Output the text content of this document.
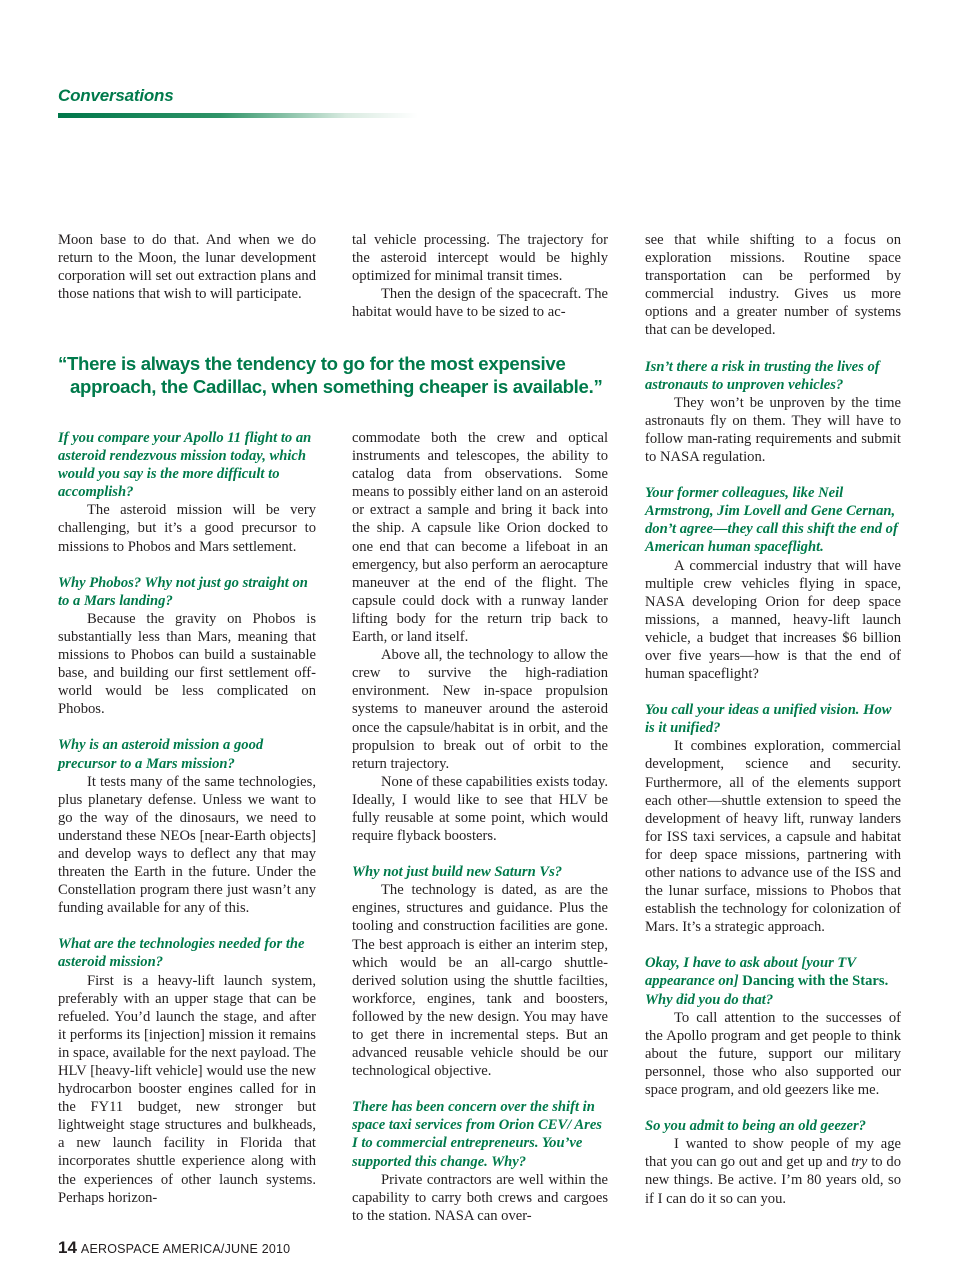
Conversations

Moon base to do that. And when we do return to the Moon, the lunar development corporation will set out extraction plans and those nations that wish to will participate.

tal vehicle processing. The trajectory for the asteroid intercept would be highly optimized for minimal transit times.

Then the design of the spacecraft. The habitat would have to be sized to ac-

“There is always the tendency to go for the most expensive
approach, the Cadillac, when something cheaper is available.”

If you compare your Apollo 11 flight to an asteroid rendezvous mission today, which would you say is the more difficult to accomplish?

The asteroid mission will be very challenging, but it’s a good precursor to missions to Phobos and Mars settlement.

Why Phobos? Why not just go straight on to a Mars landing?

Because the gravity on Phobos is substantially less than Mars, meaning that missions to Phobos can build a sustainable base, and building our first settlement off-world would be less complicated on Phobos.

Why is an asteroid mission a good precursor to a Mars mission?

It tests many of the same technologies, plus planetary defense. Unless we want to go the way of the dinosaurs, we need to understand these NEOs [near-Earth objects] and develop ways to deflect any that may threaten the Earth in the future. Under the Constellation program there just wasn’t any funding available for any of this.

What are the technologies needed for the asteroid mission?

First is a heavy-lift launch system, preferably with an upper stage that can be refueled. You’d launch the stage, and after it performs its [injection] mission it remains in space, available for the next payload. The HLV [heavy-lift vehicle] would use the new hydrocarbon booster engines called for in the FY11 budget, new stronger but lightweight stage structures and bulkheads, a new launch facility in Florida that incorporates shuttle experience along with the experiences of other launch systems. Perhaps horizon-

commodate both the crew and optical instruments and telescopes, the ability to catalog data from observations. Some means to possibly either land on an asteroid or extract a sample and bring it back into the ship. A capsule like Orion docked to one end that can become a lifeboat in an emergency, but also perform an aerocapture maneuver at the end of the flight. The capsule could dock with a runway lander lifting body for the return trip back to Earth, or land itself.

Above all, the technology to allow the crew to survive the high-radiation environment. New in-space propulsion systems to maneuver around the asteroid once the capsule/habitat is in orbit, and the propulsion to break out of orbit to the return trajectory.

None of these capabilities exists today. Ideally, I would like to see that HLV be fully reusable at some point, which would require flyback boosters.

Why not just build new Saturn Vs?

The technology is dated, as are the engines, structures and guidance. Plus the tooling and construction facilities are gone. The best approach is either an interim step, which would be an all-cargo shuttle-derived solution using the shuttle facilties, workforce, engines, tank and boosters, followed by the new design. You may have to get there in incremental steps. But an advanced reusable vehicle should be our technological objective.

There has been concern over the shift in space taxi services from Orion CEV/ Ares I to commercial entrepreneurs. You’ve supported this change. Why?

Private contractors are well within the capability to carry both crews and cargoes to the station. NASA can over-

see that while shifting to a focus on exploration missions. Routine space transportation can be performed by commercial industry. Gives us more options and a greater number of systems that can be developed.

Isn’t there a risk in trusting the lives of astronauts to unproven vehicles?

They won’t be unproven by the time astronauts fly on them. They will have to follow man-rating requirements and submit to NASA regulation.

Your former colleagues, like Neil Armstrong, Jim Lovell and Gene Cernan, don’t agree—they call this shift the end of American human spaceflight.

A commercial industry that will have multiple crew vehicles flying in space, NASA developing Orion for deep space missions, a manned, heavy-lift launch vehicle, a budget that increases $6 billion over five years—how is that the end of human spaceflight?

You call your ideas a unified vision. How is it unified?

It combines exploration, commercial development, science and security. Furthermore, all of the elements support each other—shuttle extension to speed the development of heavy lift, runway landers for ISS taxi services, a capsule and habitat for deep space missions, partnering with other nations to advance use of the ISS and the lunar surface, missions to Phobos that establish the technology for colonization of Mars. It’s a strategic approach.

Okay, I have to ask about [your TV appearance on] Dancing with the Stars. Why did you do that?

To call attention to the successes of the Apollo program and get people to think about the future, support our military personnel, those who also supported our space program, and old geezers like me.

So you admit to being an old geezer?

I wanted to show people of my age that you can go out and get up and try to do new things. Be active. I’m 80 years old, so if I can do it so can you.

14 AEROSPACE AMERICA/JUNE 2010
